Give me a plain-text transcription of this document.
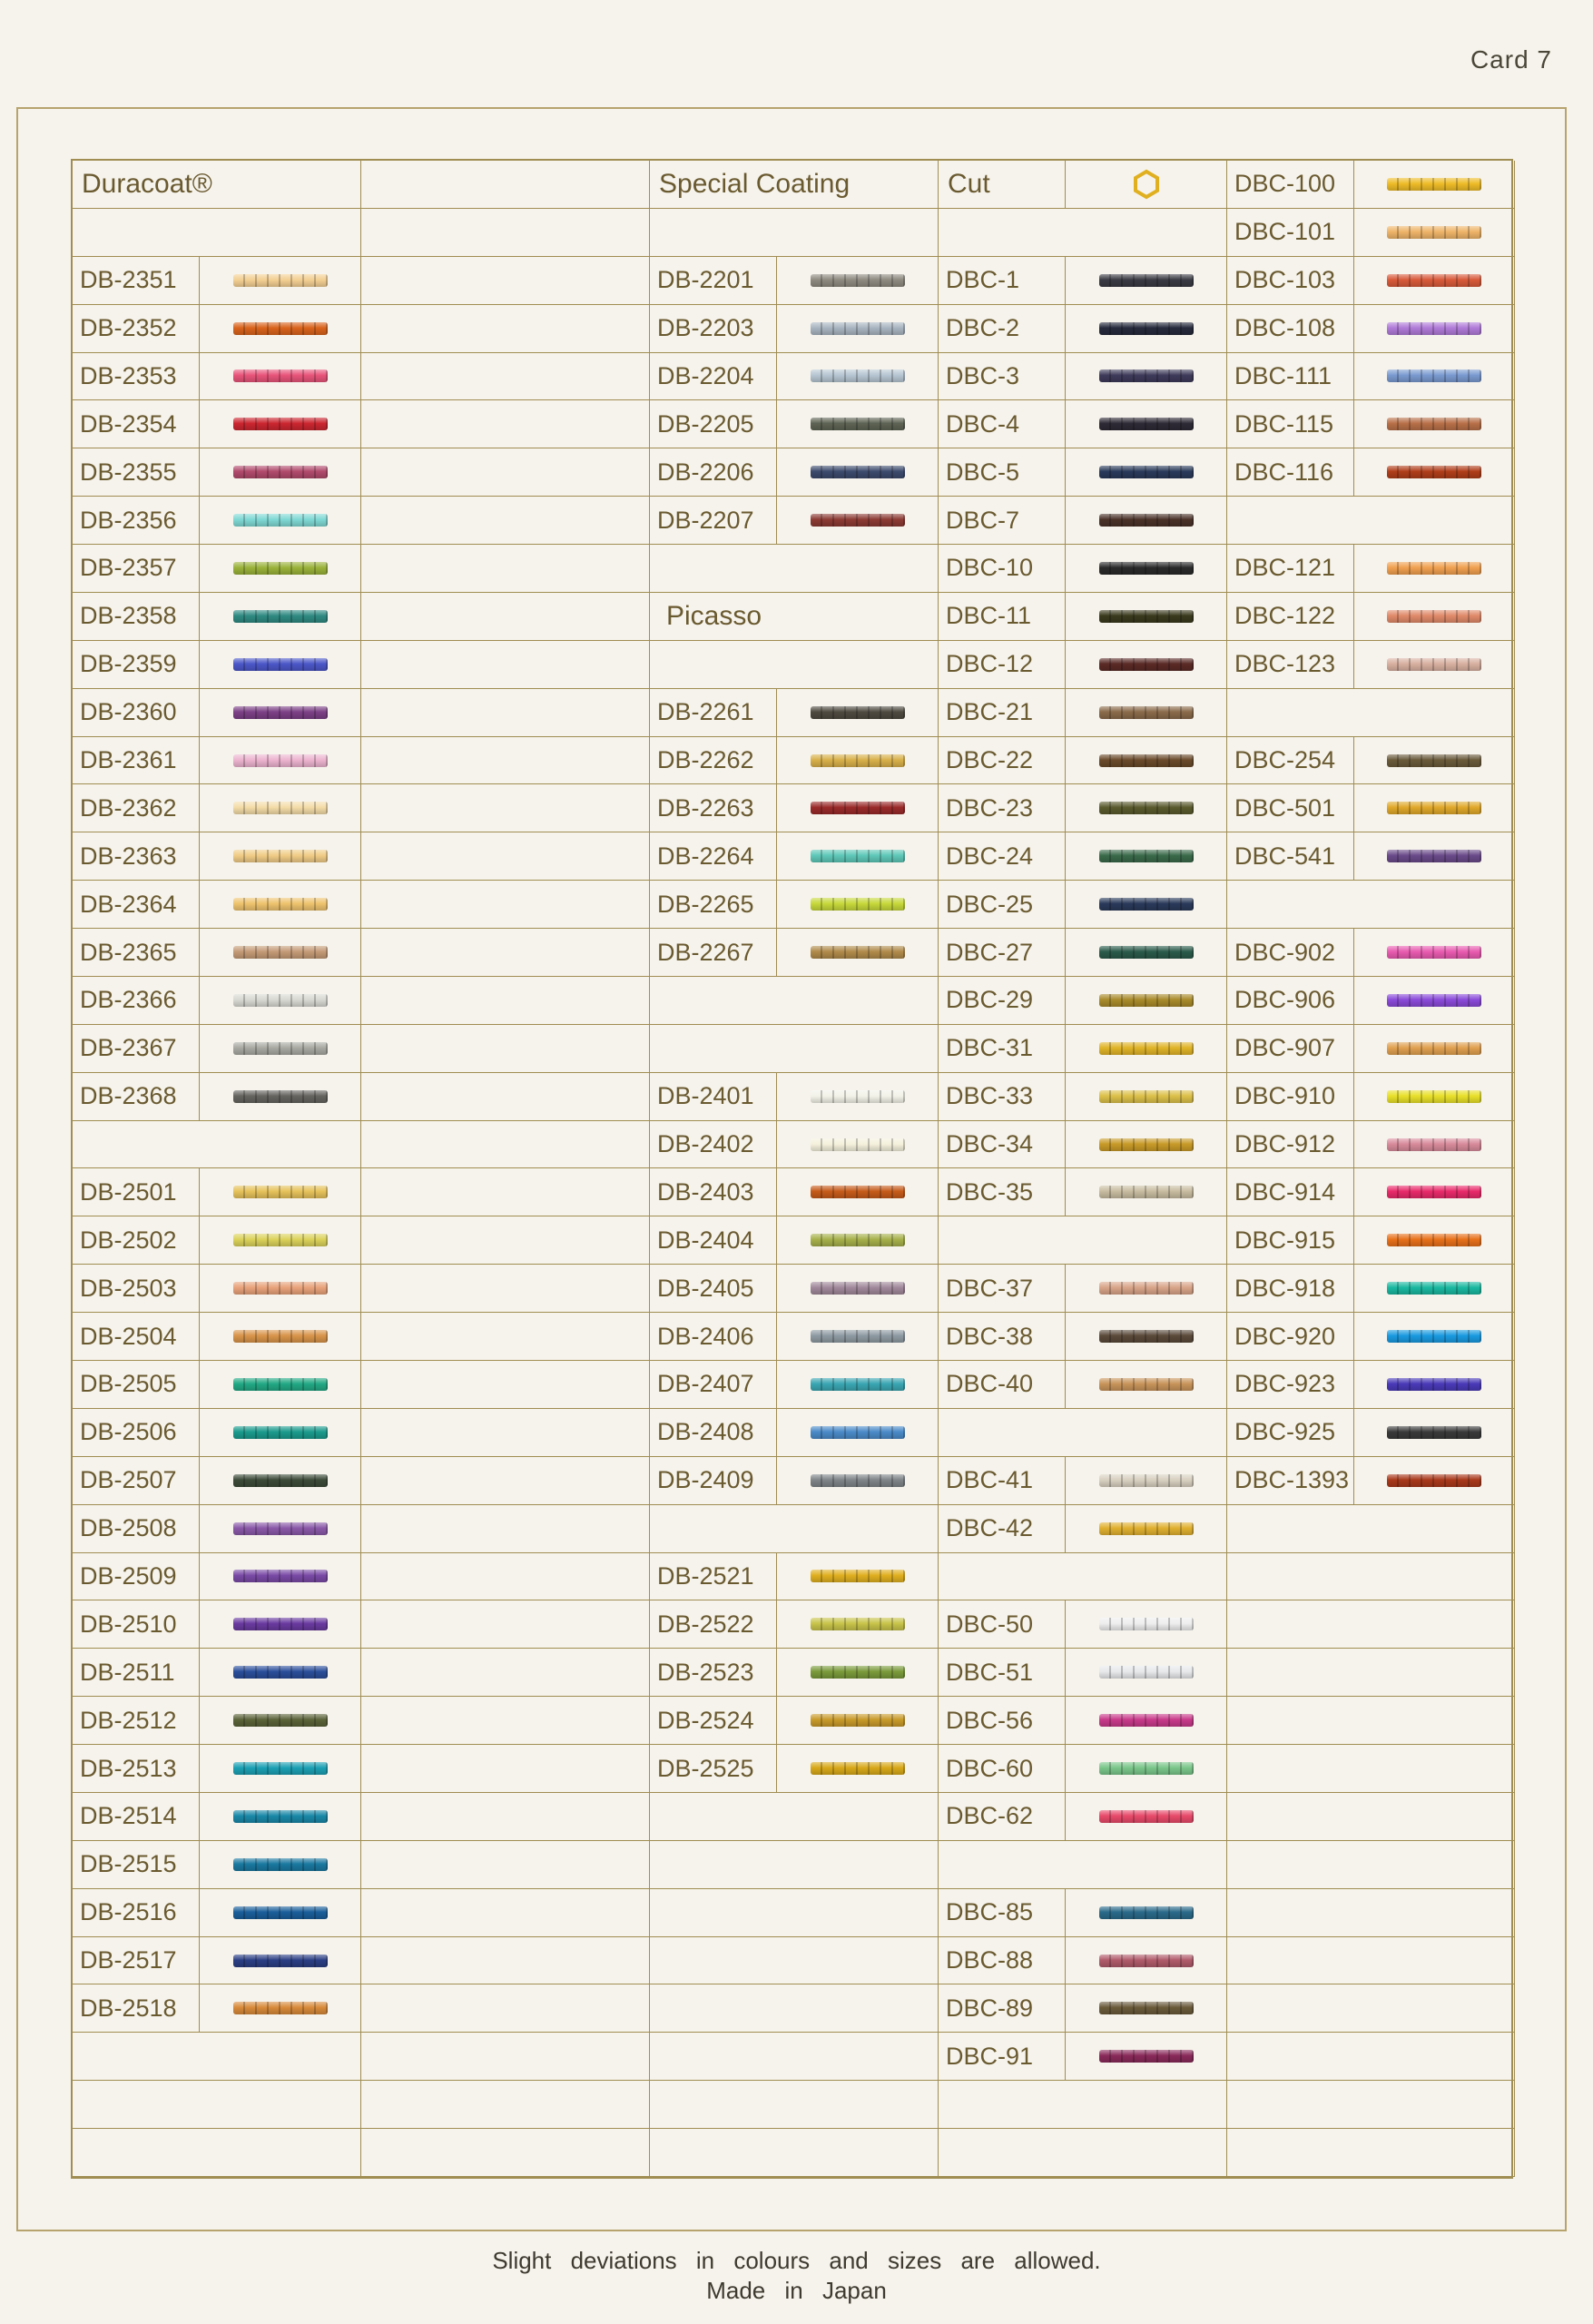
Card 7
Duracoat®	Special Coating	Cut
DB-2351
DB-2352
DB-2353
DB-2354
DB-2355
DB-2356
DB-2357
DB-2358
DB-2359
DB-2360
DB-2361
DB-2362
DB-2363
DB-2364
DB-2365
DB-2366
DB-2367
DB-2368
DB-2501
DB-2502
DB-2503
DB-2504
DB-2505
DB-2506
DB-2507
DB-2508
DB-2509
DB-2510
DB-2511
DB-2512
DB-2513
DB-2514
DB-2515
DB-2516
DB-2517
DB-2518
DB-2201
DB-2203
DB-2204
DB-2205
DB-2206
DB-2207
Picasso
DB-2261
DB-2262
DB-2263
DB-2264
DB-2265
DB-2267
DB-2401
DB-2402
DB-2403
DB-2404
DB-2405
DB-2406
DB-2407
DB-2408
DB-2409
DB-2521
DB-2522
DB-2523
DB-2524
DB-2525
DBC-1
DBC-2
DBC-3
DBC-4
DBC-5
DBC-7
DBC-10
DBC-11
DBC-12
DBC-21
DBC-22
DBC-23
DBC-24
DBC-25
DBC-27
DBC-29
DBC-31
DBC-33
DBC-34
DBC-35
DBC-37
DBC-38
DBC-40
DBC-41
DBC-42
DBC-50
DBC-51
DBC-56
DBC-60
DBC-62
DBC-85
DBC-88
DBC-89
DBC-91
DBC-100
DBC-101
DBC-103
DBC-108
DBC-111
DBC-115
DBC-116
DBC-121
DBC-122
DBC-123
DBC-254
DBC-501
DBC-541
DBC-902
DBC-906
DBC-907
DBC-910
DBC-912
DBC-914
DBC-915
DBC-918
DBC-920
DBC-923
DBC-925
DBC-1393
Slight deviations in colours and sizes are allowed.
Made in Japan
